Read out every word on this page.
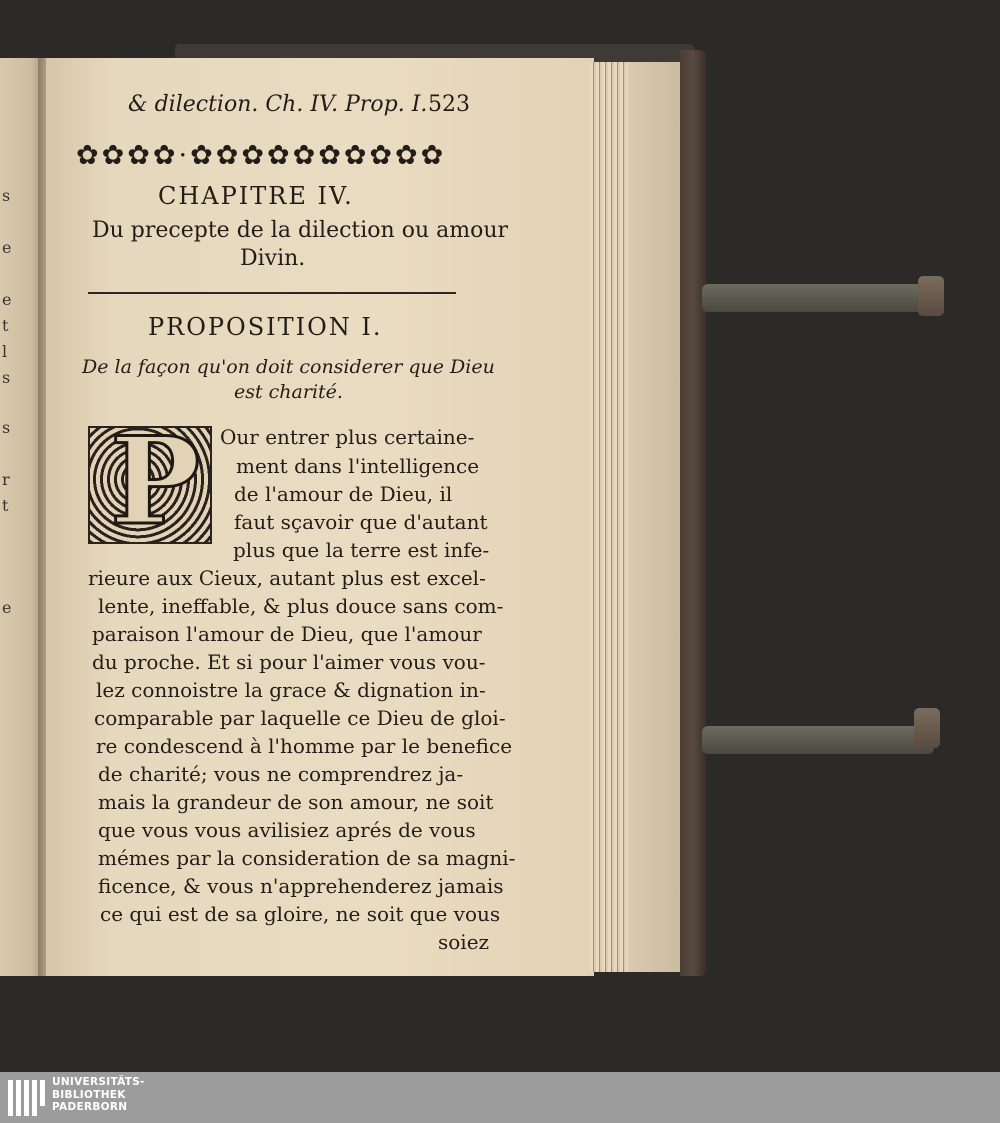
s
e
e
t
l
s
s
r
t
e
& dilection. Ch. IV. Prop. I. 523
✿✿✿✿·✿✿✿✿✿✿✿✿✿✿
CHAPITRE IV.
Du precepte de la dilection ou amour
Divin.
PROPOSITION I.
De la façon qu'on doit considerer que Dieu
est charité.
P Our entrer plus certaine-
ment dans l'intelligence
de l'amour de Dieu, il
faut sçavoir que d'autant
plus que la terre est infe-
rieure aux Cieux, autant plus est excel-
lente, ineffable, & plus douce sans com-
paraison l'amour de Dieu, que l'amour
du proche. Et si pour l'aimer vous vou-
lez connoistre la grace & dignation in-
comparable par laquelle ce Dieu de gloi-
re condescend à l'homme par le benefice
de charité; vous ne comprendrez ja-
mais la grandeur de son amour, ne soit
que vous vous avilisiez aprés de vous
mémes par la consideration de sa magni-
ficence, & vous n'apprehenderez jamais
ce qui est de sa gloire, ne soit que vous
soiez
UNIVERSITÄTS-
BIBLIOTHEK
PADERBORN
